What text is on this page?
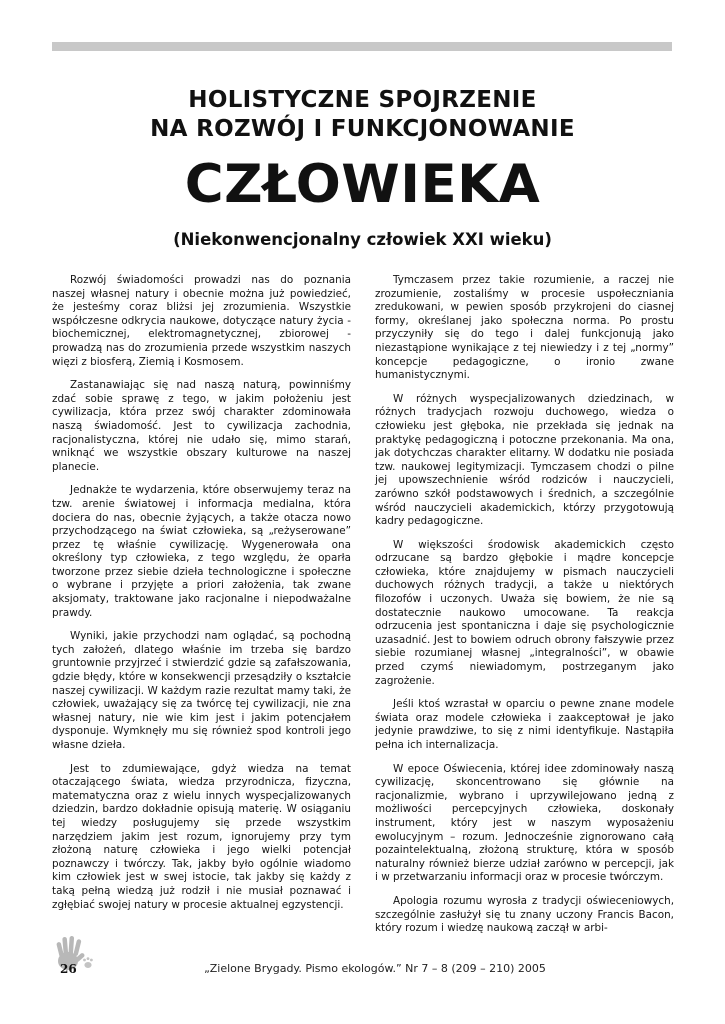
HOLISTYCZNE SPOJRZENIE
NA ROZWÓJ I FUNKCJONOWANIE
CZŁOWIEKA
(Niekonwencjonalny człowiek XXI wieku)

Rozwój świadomości prowadzi nas do poznania naszej własnej natury i obecnie można już powiedzieć, że jesteśmy coraz bliżsi jej zrozumienia. Wszystkie współczesne odkrycia naukowe, dotyczące natury życia - biochemicznej, elektromagnetycznej, zbiorowej - prowadzą nas do zrozumienia przede wszystkim naszych więzi z biosferą, Ziemią i Kosmosem.

Zastanawiając się nad naszą naturą, powinniśmy zdać sobie sprawę z tego, w jakim położeniu jest cywilizacja, która przez swój charakter zdominowała naszą świadomość. Jest to cywilizacja zachodnia, racjonalistyczna, której nie udało się, mimo starań, wniknąć we wszystkie obszary kulturowe na naszej planecie.

Jednakże te wydarzenia, które obserwujemy teraz na tzw. arenie światowej i informacja medialna, która dociera do nas, obecnie żyjących, a także otacza nowo przychodzącego na świat człowieka, są „reżyserowane” przez tę właśnie cywilizację. Wygenerowała ona określony typ człowieka, z tego względu, że oparła tworzone przez siebie dzieła technologiczne i społeczne o wybrane i przyjęte a priori założenia, tak zwane aksjomaty, traktowane jako racjonalne i niepodważalne prawdy.

Wyniki, jakie przychodzi nam oglądać, są pochodną tych założeń, dlatego właśnie im trzeba się bardzo gruntownie przyjrzeć i stwierdzić gdzie są zafałszowania, gdzie błędy, które w konsekwencji przesądziły o kształcie naszej cywilizacji. W każdym razie rezultat mamy taki, że człowiek, uważający się za twórcę tej cywilizacji, nie zna własnej natury, nie wie kim jest i jakim potencjałem dysponuje. Wymknęły mu się również spod kontroli jego własne dzieła.

Jest to zdumiewające, gdyż wiedza na temat otaczającego świata, wiedza przyrodnicza, fizyczna, matematyczna oraz z wielu innych wyspecjalizowanych dziedzin, bardzo dokładnie opisują materię. W osiąganiu tej wiedzy posługujemy się przede wszystkim narzędziem jakim jest rozum, ignorujemy przy tym złożoną naturę człowieka i jego wielki potencjał poznawczy i twórczy. Tak, jakby było ogólnie wiadomo kim człowiek jest w swej istocie, tak jakby się każdy z taką pełną wiedzą już rodził i nie musiał poznawać i zgłębiać swojej natury w procesie aktualnej egzystencji.

Tymczasem przez takie rozumienie, a raczej nie zrozumienie, zostaliśmy w procesie uspołeczniania zredukowani, w pewien sposób przykrojeni do ciasnej formy, określanej jako społeczna norma. Po prostu przyczyniły się do tego i dalej funkcjonują jako niezastąpione wynikające z tej niewiedzy i z tej „normy” koncepcje pedagogiczne, o ironio zwane humanistycznymi.

W różnych wyspecjalizowanych dziedzinach, w różnych tradycjach rozwoju duchowego, wiedza o człowieku jest głęboka, nie przekłada się jednak na praktykę pedagogiczną i potoczne przekonania. Ma ona, jak dotychczas charakter elitarny. W dodatku nie posiada tzw. naukowej legitymizacji. Tymczasem chodzi o pilne jej upowszechnienie wśród rodziców i nauczycieli, zarówno szkół podstawowych i średnich, a szczególnie wśród nauczycieli akademickich, którzy przygotowują kadry pedagogiczne.

W większości środowisk akademickich często odrzucane są bardzo głębokie i mądre koncepcje człowieka, które znajdujemy w pismach nauczycieli duchowych różnych tradycji, a także u niektórych filozofów i uczonych. Uważa się bowiem, że nie są dostatecznie naukowo umocowane. Ta reakcja odrzucenia jest spontaniczna i daje się psychologicznie uzasadnić. Jest to bowiem odruch obrony fałszywie przez siebie rozumianej własnej „integralności”, w obawie przed czymś niewiadomym, postrzeganym jako zagrożenie.

Jeśli ktoś wzrastał w oparciu o pewne znane modele świata oraz modele człowieka i zaakceptował je jako jedynie prawdziwe, to się z nimi identyfikuje. Nastąpiła pełna ich internalizacja.

W epoce Oświecenia, której idee zdominowały naszą cywilizację, skoncentrowano się głównie na racjonalizmie, wybrano i uprzywilejowano jedną z możliwości percepcyjnych człowieka, doskonały instrument, który jest w naszym wyposażeniu ewolucyjnym – rozum. Jednocześnie zignorowano całą pozaintelektualną, złożoną strukturę, która w sposób naturalny również bierze udział zarówno w percepcji, jak i w przetwarzaniu informacji oraz w procesie twórczym.

Apologia rozumu wyrosła z tradycji oświeceniowych, szczególnie zasłużył się tu znany uczony Francis Bacon, który rozum i wiedzę naukową zaczął w arbi-

26	„Zielone Brygady. Pismo ekologów.” Nr 7 – 8 (209 – 210) 2005
